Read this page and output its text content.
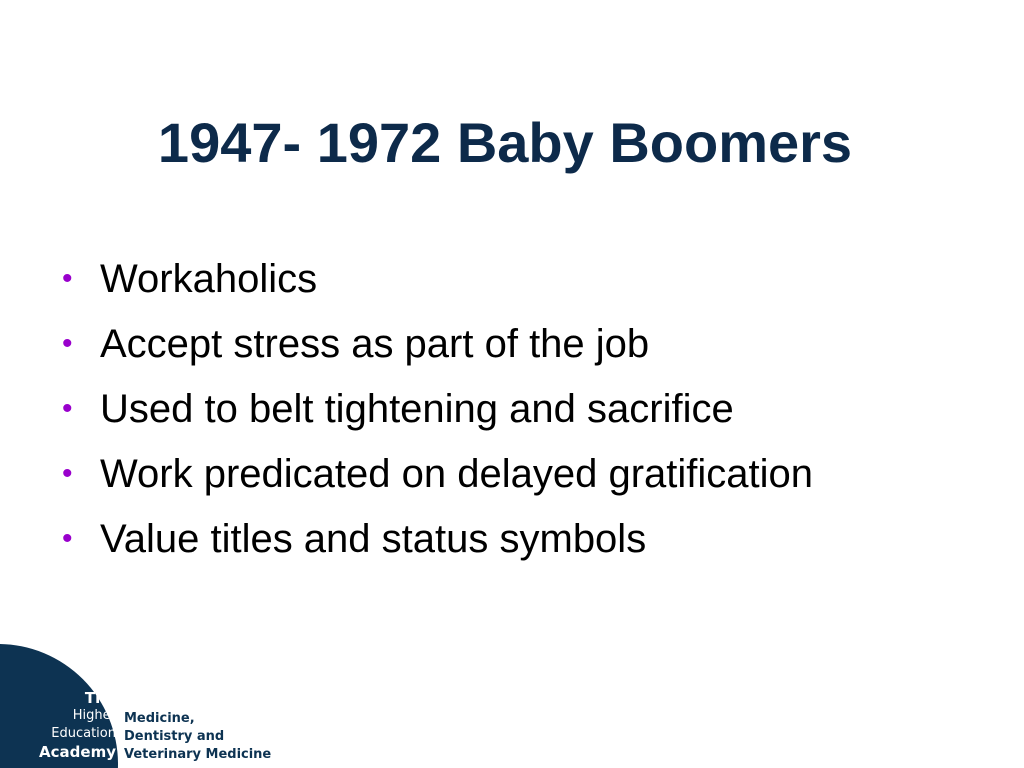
1947- 1972 Baby Boomers
• Workaholics
• Accept stress as part of the job
• Used to belt tightening and sacrifice
• Work predicated on delayed gratification
• Value titles and status symbols
The
Higher
Education
Academy
Medicine,
Dentistry and
Veterinary Medicine
